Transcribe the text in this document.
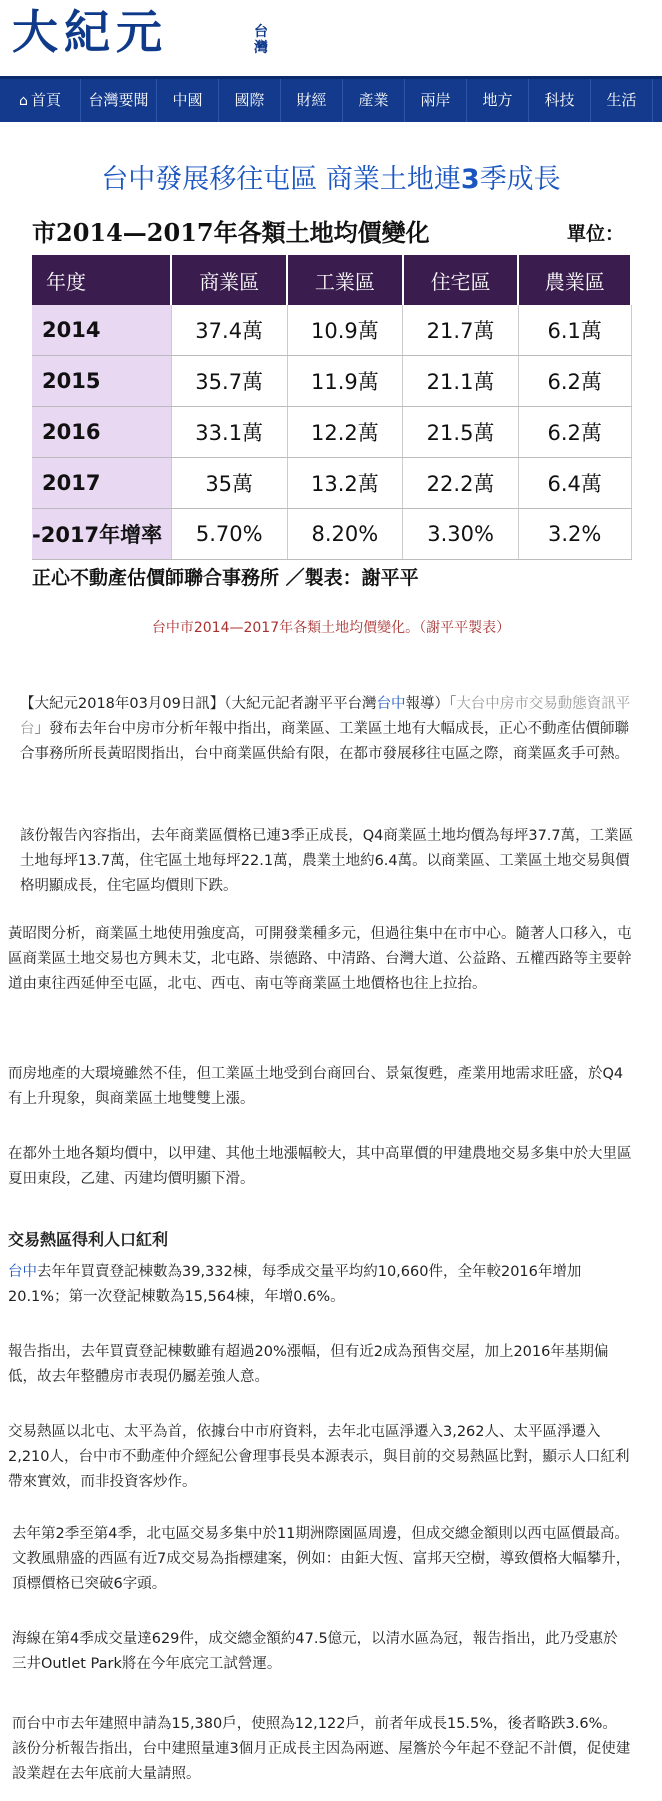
大紀元	台灣
⌂ 首頁 台灣要聞 中國 國際 財經 產業 兩岸 地方 科技 生活
台中發展移往屯區 商業土地連3季成長
市2014—2017年各類土地均價變化	單位：
年度	商業區	工業區	住宅區	農業區
2014	37.4萬	10.9萬	21.7萬	6.1萬
2015	35.7萬	11.9萬	21.1萬	6.2萬
2016	33.1萬	12.2萬	21.5萬	6.2萬
2017	35萬	13.2萬	22.2萬	6.4萬
-2017年增率	5.70%	8.20%	3.30%	3.2%
正心不動產估價師聯合事務所 ／製表：謝平平
台中市2014—2017年各類土地均價變化。（謝平平製表）

【大紀元2018年03月09日訊】（大紀元記者謝平平台灣台中報導）「大台中房市交易動態資訊平台」發布去年台中房市分析年報中指出，商業區、工業區土地有大幅成長，正心不動產估價師聯合事務所所長黃昭閔指出，台中商業區供給有限，在都市發展移往屯區之際，商業區炙手可熱。

該份報告內容指出，去年商業區價格已連3季正成長，Q4商業區土地均價為每坪37.7萬，工業區土地每坪13.7萬，住宅區土地每坪22.1萬，農業土地約6.4萬。以商業區、工業區土地交易與價格明顯成長，住宅區均價則下跌。

黃昭閔分析，商業區土地使用強度高，可開發業種多元，但過往集中在市中心。隨著人口移入，屯區商業區土地交易也方興未艾，北屯路、崇德路、中清路、台灣大道、公益路、五權西路等主要幹道由東往西延伸至屯區，北屯、西屯、南屯等商業區土地價格也往上拉抬。

而房地產的大環境雖然不佳，但工業區土地受到台商回台、景氣復甦，產業用地需求旺盛，於Q4有上升現象，與商業區土地雙雙上漲。

在都外土地各類均價中，以甲建、其他土地漲幅較大，其中高單價的甲建農地交易多集中於大里區夏田東段，乙建、丙建均價明顯下滑。

交易熱區得利人口紅利

台中去年年買賣登記棟數為39,332棟，每季成交量平均約10,660件，全年較2016年增加20.1%；第一次登記棟數為15,564棟，年增0.6%。

報告指出，去年買賣登記棟數雖有超過20%漲幅，但有近2成為預售交屋，加上2016年基期偏低，故去年整體房市表現仍屬差強人意。

交易熱區以北屯、太平為首，依據台中市府資料，去年北屯區淨遷入3,262人、太平區淨遷入2,210人，台中市不動產仲介經紀公會理事長吳本源表示，與目前的交易熱區比對，顯示人口紅利帶來實效，而非投資客炒作。

去年第2季至第4季，北屯區交易多集中於11期洲際園區周邊，但成交總金額則以西屯區價最高。文教風鼎盛的西區有近7成交易為指標建案，例如：由鉅大恆、富邦天空樹，導致價格大幅攀升，頂標價格已突破6字頭。

海線在第4季成交量達629件，成交總金額約47.5億元，以清水區為冠，報告指出，此乃受惠於三井Outlet Park將在今年底完工試營運。

而台中市去年建照申請為15,380戶，使照為12,122戶，前者年成長15.5%，後者略跌3.6%。 該份分析報告指出，台中建照量連3個月正成長主因為兩遮、屋簷於今年起不登記不計價，促使建設業趕在去年底前大量請照。
